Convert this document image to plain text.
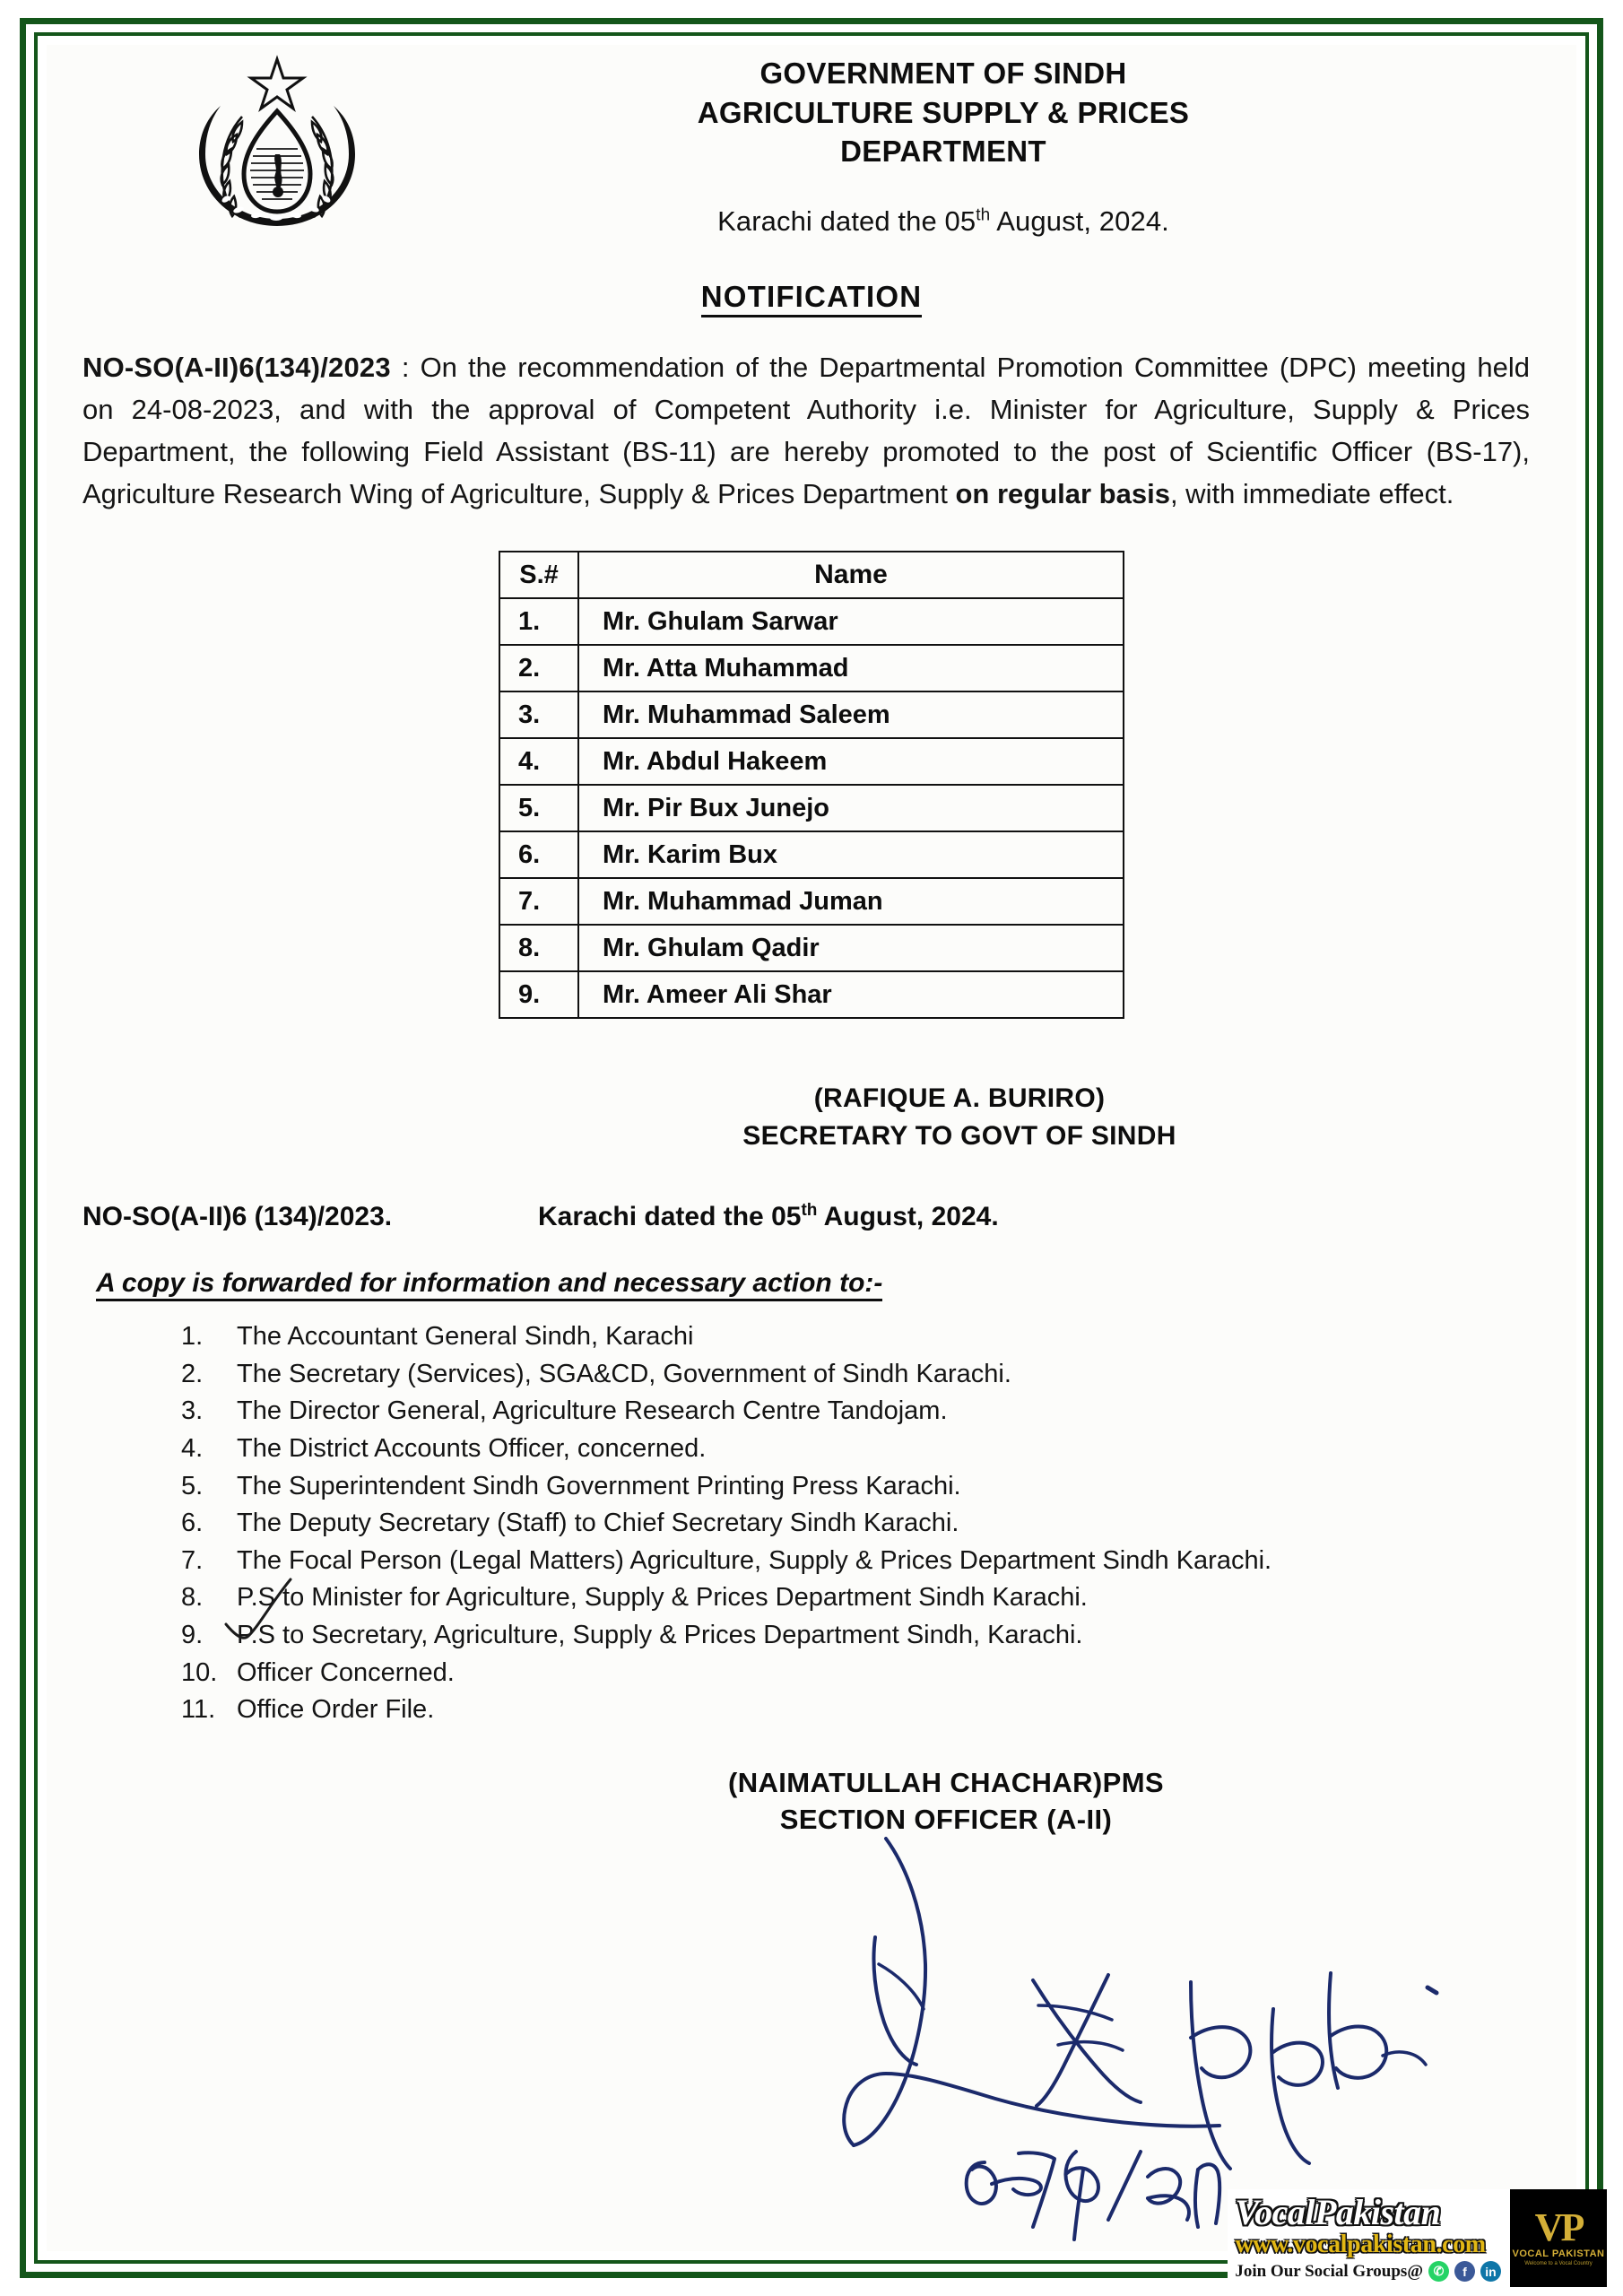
GOVERNMENT OF SINDH
AGRICULTURE SUPPLY & PRICES
DEPARTMENT
Karachi dated the 05th August, 2024.
NOTIFICATION

NO-SO(A-II)6(134)/2023 : On the recommendation of the Departmental Promotion Committee (DPC) meeting held on 24-08-2023, and with the approval of Competent Authority i.e. Minister for Agriculture, Supply & Prices Department, the following Field Assistant (BS-11) are hereby promoted to the post of Scientific Officer (BS-17), Agriculture Research Wing of Agriculture, Supply & Prices Department on regular basis, with immediate effect.

S.#	Name
1.	Mr. Ghulam Sarwar
2.	Mr. Atta Muhammad
3.	Mr. Muhammad Saleem
4.	Mr. Abdul Hakeem
5.	Mr. Pir Bux Junejo
6.	Mr. Karim Bux
7.	Mr. Muhammad Juman
8.	Mr. Ghulam Qadir
9.	Mr. Ameer Ali Shar
(RAFIQUE A. BURIRO)
SECRETARY TO GOVT OF SINDH
NO-SO(A-II)6 (134)/2023.	Karachi dated the 05th August, 2024.
A copy is forwarded for information and necessary action to:-
1.	The Accountant General Sindh, Karachi
2.	The Secretary (Services), SGA&CD, Government of Sindh Karachi.
3.	The Director General, Agriculture Research Centre Tandojam.
4.	The District Accounts Officer, concerned.
5.	The Superintendent Sindh Government Printing Press Karachi.
6.	The Deputy Secretary (Staff) to Chief Secretary Sindh Karachi.
7.	The Focal Person (Legal Matters) Agriculture, Supply & Prices Department Sindh Karachi.
8.	P.S to Minister for Agriculture, Supply & Prices Department Sindh Karachi.
9.	P.S to Secretary, Agriculture, Supply & Prices Department Sindh, Karachi.
10. Officer Concerned.
11. Office Order File.
(NAIMATULLAH CHACHAR)PMS
SECTION OFFICER (A-II)
VocalPakistan
www.vocalpakistan.com
Join Our Social Groups@ ✆	f	in
VP
VOCAL PAKISTAN
Welcome to a Vocal Country
